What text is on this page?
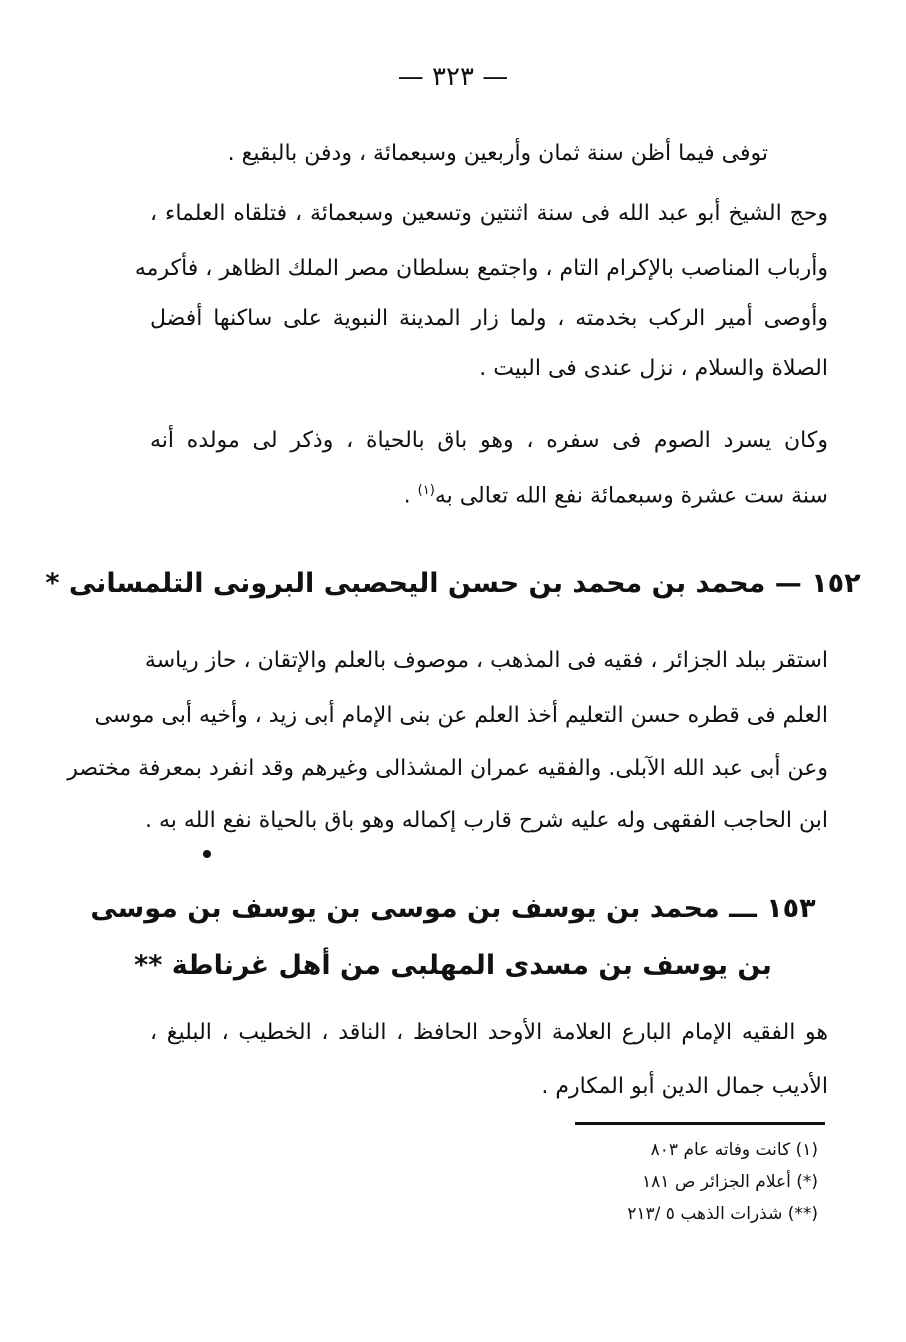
— ٣٢٣ —
توفى فيما أظن سنة ثمان وأربعين وسبعمائة ، ودفن بالبقيع .
وحج الشيخ أبو عبد الله فى سنة اثنتين وتسعين وسبعمائة ، فتلقاه العلماء ،
وأرباب المناصب بالإكرام التام ، واجتمع بسلطان مصر الملك الظاهر ، فأكرمه
وأوصى أمير الركب بخدمته ، ولما زار المدينة النبوية على ساكنها أفضل
الصلاة والسلام ، نزل عندى فى البيت .
وكان يسرد الصوم فى سفره ، وهو باق بالحياة ، وذكر لى مولده أنه
سنة ست عشرة وسبعمائة نفع الله تعالى به$^{(١)}$ .
١٥٢ — محمد بن محمد بن حسن اليحصبى البرونى التلمسانى *
استقر ببلد الجزائر ، فقيه فى المذهب ، موصوف بالعلم والإتقان ، حاز رياسة
العلم فى قطره حسن التعليم أخذ العلم عن بنى الإمام أبى زيد ، وأخيه أبى موسى
وعن أبى عبد الله الآبلى. والفقيه عمران المشذالى وغيرهم وقد انفرد بمعرفة مختصر
ابن الحاجب الفقهى وله عليه شرح قارب إكماله وهو باق بالحياة نفع الله به .
١٥٣ ـــ محمد بن يوسف بن موسى بن يوسف بن موسى
بن يوسف بن مسدى المهلبى من أهل غرناطة **
هو الفقيه الإمام البارع العلامة الأوحد الحافظ ، الناقد ، الخطيب ، البليغ ،
الأديب جمال الدين أبو المكارم .
(١) كانت وفاته عام ٨٠٣
(*) أعلام الجزائر ص ١٨١
(**) شذرات الذهب ٥ /٢١٣
